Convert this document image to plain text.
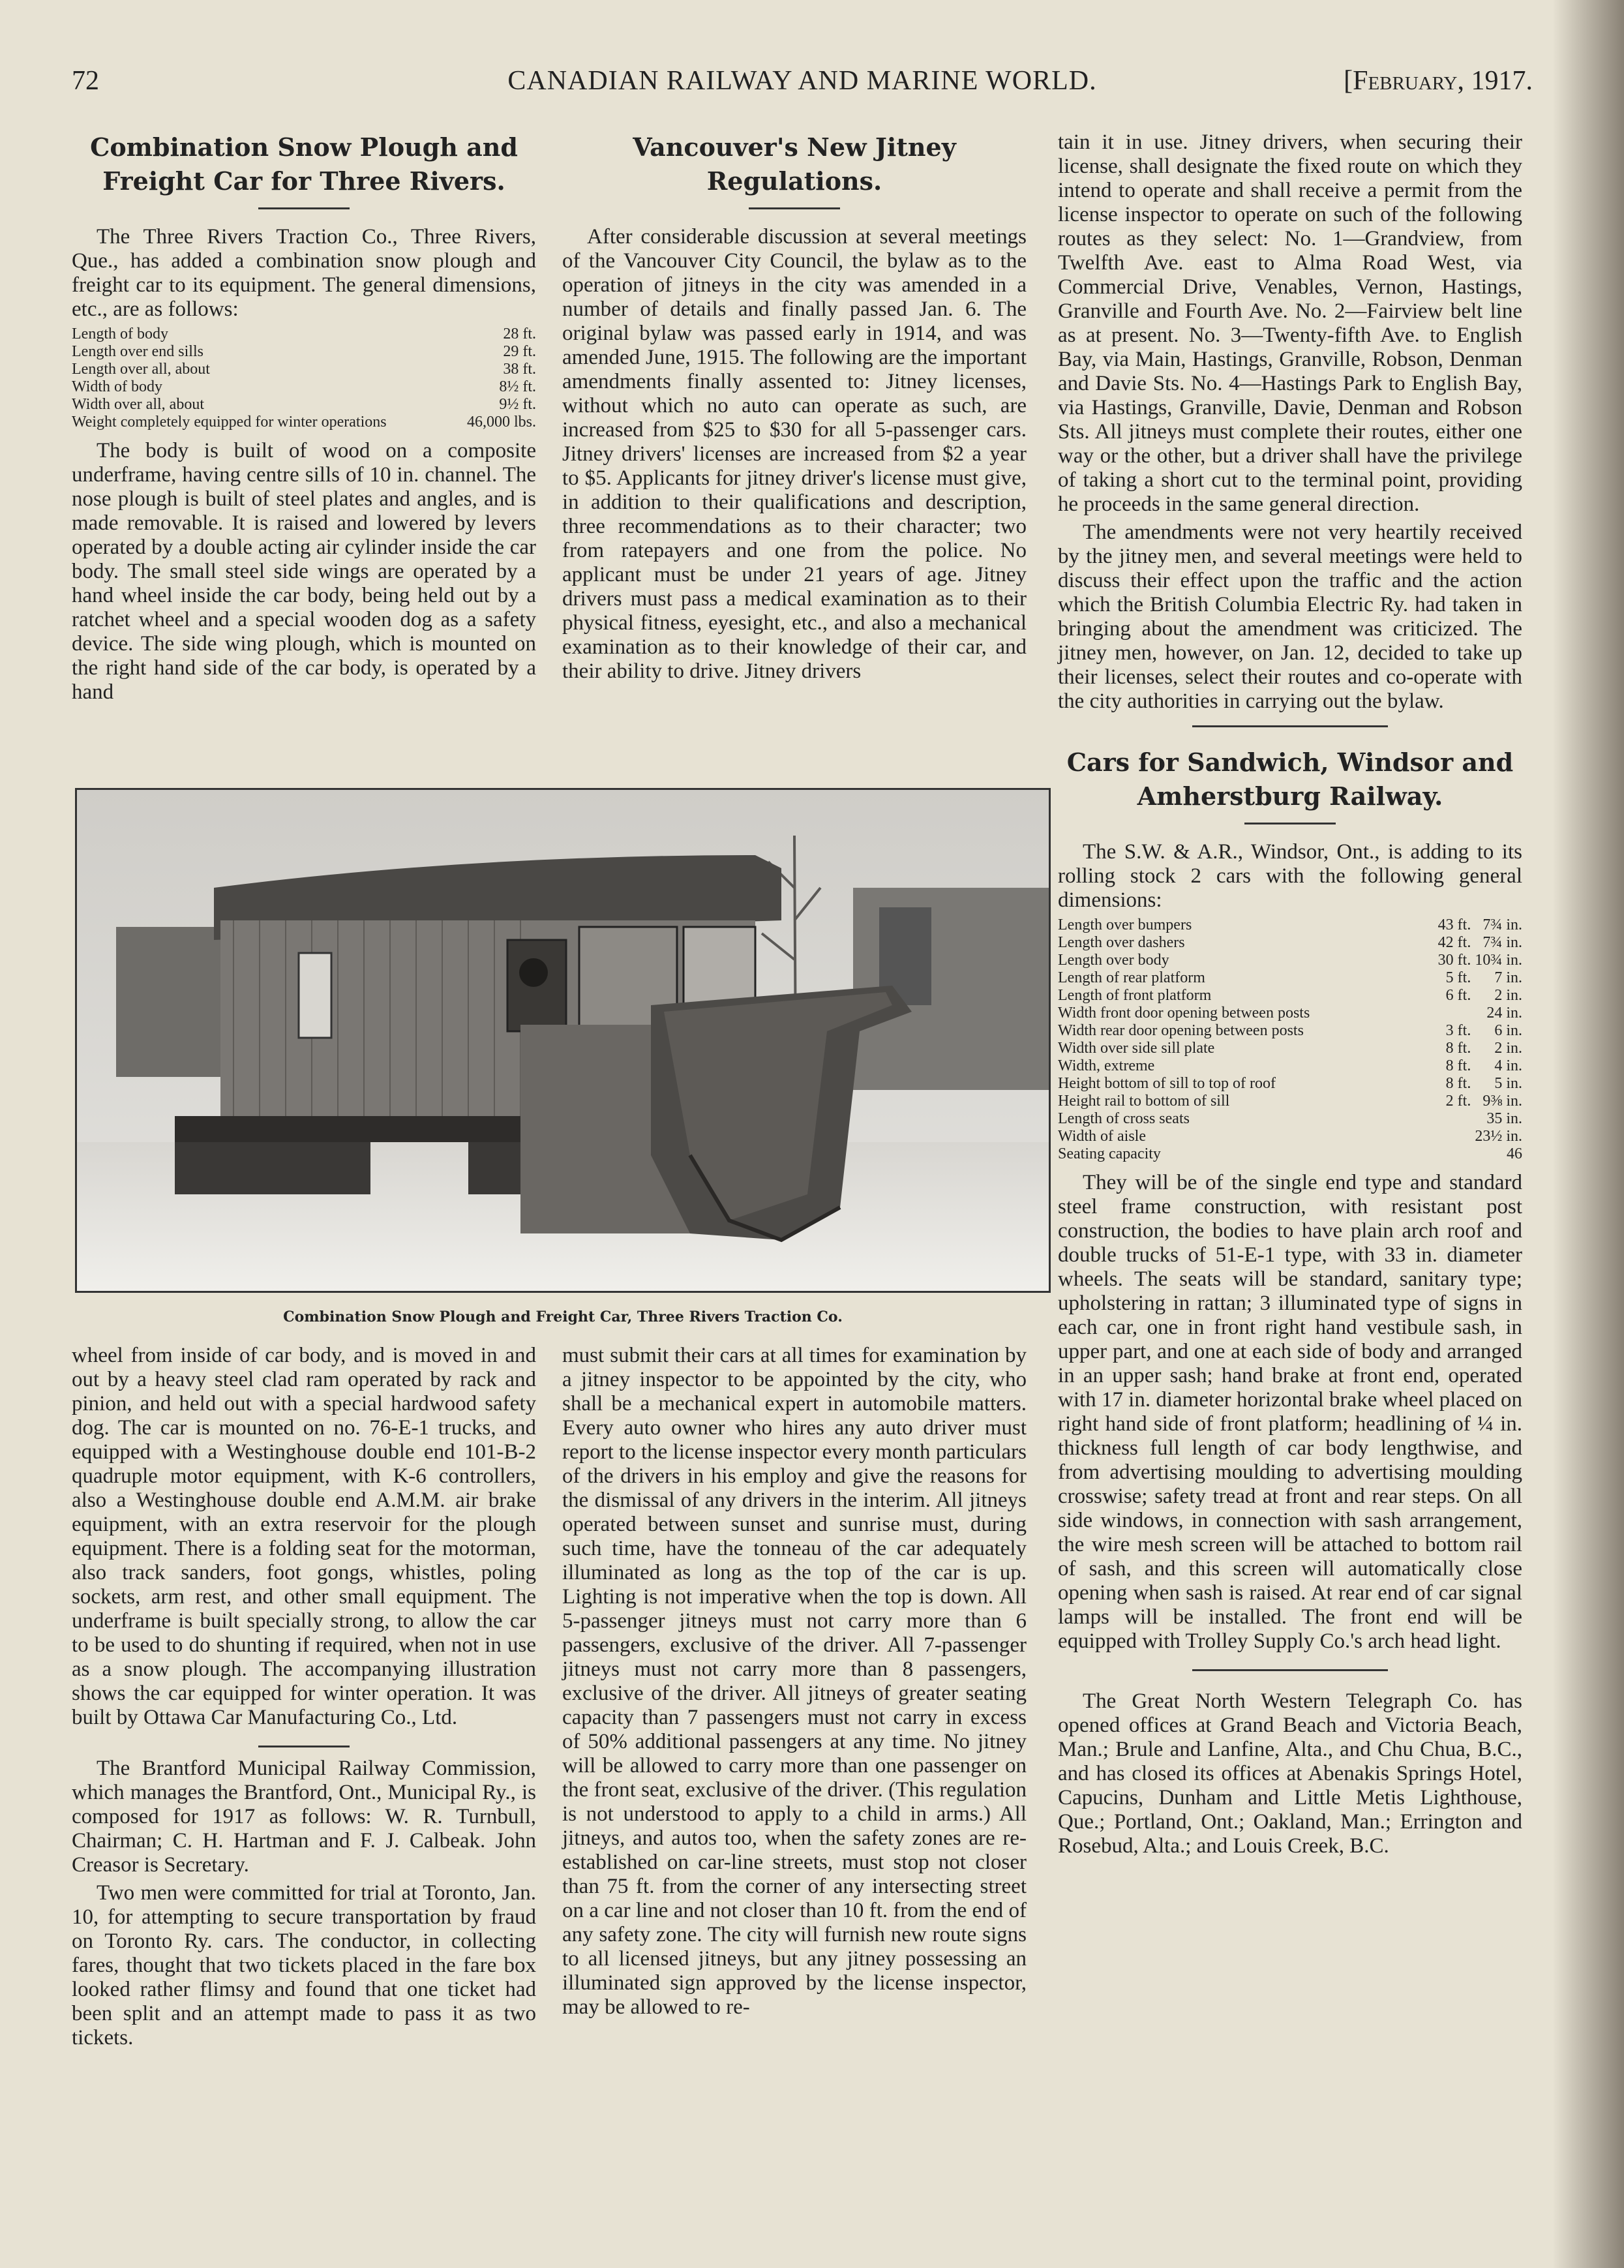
72	CANADIAN RAILWAY AND MARINE WORLD.	[February, 1917.
Combination Snow Plough and Freight Car for Three Rivers.

The Three Rivers Traction Co., Three Rivers, Que., has added a combination snow plough and freight car to its equipment. The general dimensions, etc., are as follows:

Length of body	28 ft.
Length over end sills	29 ft.
Length over all, about	38 ft.
Width of body	8½ ft.
Width over all, about	9½ ft.
Weight completely equipped for winter operations	46,000 lbs.

The body is built of wood on a composite underframe, having centre sills of 10 in. channel. The nose plough is built of steel plates and angles, and is made removable. It is raised and lowered by levers operated by a double acting air cylinder inside the car body. The small steel side wings are operated by a hand wheel inside the car body, being held out by a ratchet wheel and a special wooden dog as a safety device. The side wing plough, which is mounted on the right hand side of the car body, is operated by a hand

Vancouver's New Jitney Regulations.

After considerable discussion at several meetings of the Vancouver City Council, the bylaw as to the operation of jitneys in the city was amended in a number of details and finally passed Jan. 6. The original bylaw was passed early in 1914, and was amended June, 1915. The following are the important amendments finally assented to: Jitney licenses, without which no auto can operate as such, are increased from $25 to $30 for all 5-passenger cars. Jitney drivers' licenses are increased from $2 a year to $5. Applicants for jitney driver's license must give, in addition to their qualifications and description, three recommendations as to their character; two from ratepayers and one from the police. No applicant must be under 21 years of age. Jitney drivers must pass a medical examination as to their physical fitness, eyesight, etc., and also a mechanical examination as to their knowledge of their car, and their ability to drive. Jitney drivers

Combination Snow Plough and Freight Car, Three Rivers Traction Co.

wheel from inside of car body, and is moved in and out by a heavy steel clad ram operated by rack and pinion, and held out with a special hardwood safety dog. The car is mounted on no. 76-E-1 trucks, and equipped with a Westinghouse double end 101-B-2 quadruple motor equipment, with K-6 controllers, also a Westinghouse double end A.M.M. air brake equipment, with an extra reservoir for the plough equipment. There is a folding seat for the motorman, also track sanders, foot gongs, whistles, poling sockets, arm rest, and other small equipment. The underframe is built specially strong, to allow the car to be used to do shunting if required, when not in use as a snow plough. The accompanying illustration shows the car equipped for winter operation. It was built by Ottawa Car Manufacturing Co., Ltd.

The Brantford Municipal Railway Commission, which manages the Brantford, Ont., Municipal Ry., is composed for 1917 as follows: W. R. Turnbull, Chairman; C. H. Hartman and F. J. Calbeak. John Creasor is Secretary.

Two men were committed for trial at Toronto, Jan. 10, for attempting to secure transportation by fraud on Toronto Ry. cars. The conductor, in collecting fares, thought that two tickets placed in the fare box looked rather flimsy and found that one ticket had been split and an attempt made to pass it as two tickets.

must submit their cars at all times for examination by a jitney inspector to be appointed by the city, who shall be a mechanical expert in automobile matters. Every auto owner who hires any auto driver must report to the license inspector every month particulars of the drivers in his employ and give the reasons for the dismissal of any drivers in the interim. All jitneys operated between sunset and sunrise must, during such time, have the tonneau of the car adequately illuminated as long as the top of the car is up. Lighting is not imperative when the top is down. All 5-passenger jitneys must not carry more than 6 passengers, exclusive of the driver. All 7-passenger jitneys must not carry more than 8 passengers, exclusive of the driver. All jitneys of greater seating capacity than 7 passengers must not carry in excess of 50% additional passengers at any time. No jitney will be allowed to carry more than one passenger on the front seat, exclusive of the driver. (This regulation is not understood to apply to a child in arms.) All jitneys, and autos too, when the safety zones are re-established on car-line streets, must stop not closer than 75 ft. from the corner of any intersecting street on a car line and not closer than 10 ft. from the end of any safety zone. The city will furnish new route signs to all licensed jitneys, but any jitney possessing an illuminated sign approved by the license inspector, may be allowed to re-

tain it in use. Jitney drivers, when securing their license, shall designate the fixed route on which they intend to operate and shall receive a permit from the license inspector to operate on such of the following routes as they select: No. 1—Grandview, from Twelfth Ave. east to Alma Road West, via Commercial Drive, Venables, Vernon, Hastings, Granville and Fourth Ave. No. 2—Fairview belt line as at present. No. 3—Twenty-fifth Ave. to English Bay, via Main, Hastings, Granville, Robson, Denman and Davie Sts. No. 4—Hastings Park to English Bay, via Hastings, Granville, Davie, Denman and Robson Sts. All jitneys must complete their routes, either one way or the other, but a driver shall have the privilege of taking a short cut to the terminal point, providing he proceeds in the same general direction.

The amendments were not very heartily received by the jitney men, and several meetings were held to discuss their effect upon the traffic and the action which the British Columbia Electric Ry. had taken in bringing about the amendment was criticized. The jitney men, however, on Jan. 12, decided to take up their licenses, select their routes and co-operate with the city authorities in carrying out the bylaw.

Cars for Sandwich, Windsor and Amherstburg Railway.

The S.W. & A.R., Windsor, Ont., is adding to its rolling stock 2 cars with the following general dimensions:

Length over bumpers	43 ft.	7¾ in.
Length over dashers	42 ft.	7¾ in.
Length over body	30 ft.	10¾ in.
Length of rear platform	5 ft.	7 in.
Length of front platform	6 ft.	2 in.
Width front door opening between posts		24 in.
Width rear door opening between posts	3 ft.	6 in.
Width over side sill plate	8 ft.	2 in.
Width, extreme	8 ft.	4 in.
Height bottom of sill to top of roof	8 ft.	5 in.
Height rail to bottom of sill	2 ft.	9⅜ in.
Length of cross seats		35 in.
Width of aisle		23½ in.
Seating capacity		46

They will be of the single end type and standard steel frame construction, with resistant post construction, the bodies to have plain arch roof and double trucks of 51-E-1 type, with 33 in. diameter wheels. The seats will be standard, sanitary type; upholstering in rattan; 3 illuminated type of signs in each car, one in front right hand vestibule sash, in upper part, and one at each side of body and arranged in an upper sash; hand brake at front end, operated with 17 in. diameter horizontal brake wheel placed on right hand side of front platform; headlining of ¼ in. thickness full length of car body lengthwise, and from advertising moulding to advertising moulding crosswise; safety tread at front and rear steps. On all side windows, in connection with sash arrangement, the wire mesh screen will be attached to bottom rail of sash, and this screen will automatically close opening when sash is raised. At rear end of car signal lamps will be installed. The front end will be equipped with Trolley Supply Co.'s arch head light.

The Great North Western Telegraph Co. has opened offices at Grand Beach and Victoria Beach, Man.; Brule and Lanfine, Alta., and Chu Chua, B.C., and has closed its offices at Abenakis Springs Hotel, Capucins, Dunham and Little Metis Lighthouse, Que.; Portland, Ont.; Oakland, Man.; Errington and Rosebud, Alta.; and Louis Creek, B.C.
